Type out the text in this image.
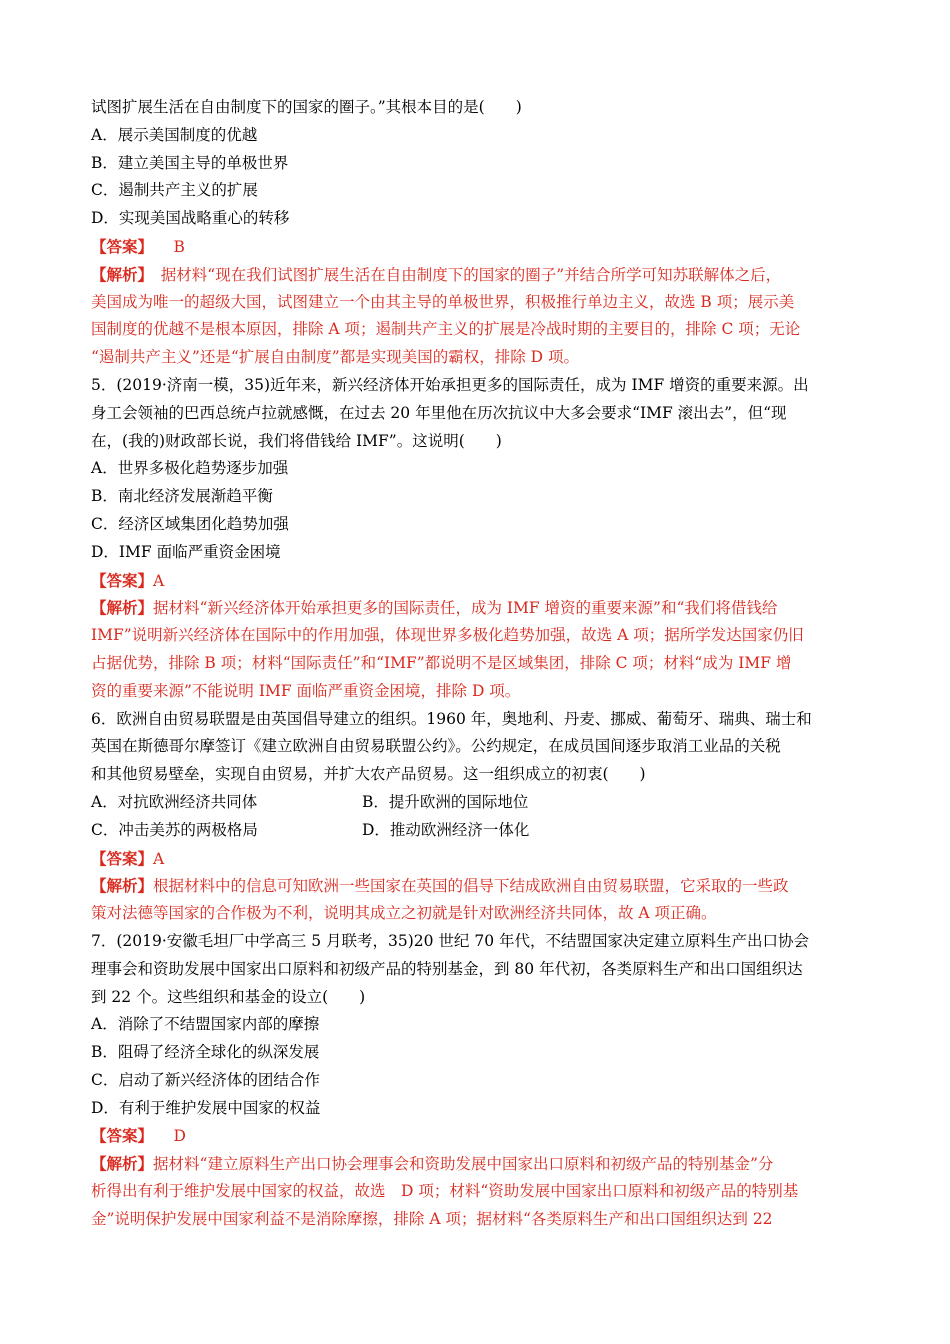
试图扩展生活在自由制度下的国家的圈子。”其根本目的是(　　)
A．展示美国制度的优越
B．建立美国主导的单极世界
C．遏制共产主义的扩展
D．实现美国战略重心的转移
【答案】 　B
【解析】　据材料“现在我们试图扩展生活在自由制度下的国家的圈子”并结合所学可知苏联解体之后，
美国成为唯一的超级大国，试图建立一个由其主导的单极世界，积极推行单边主义，故选 B 项；展示美
国制度的优越不是根本原因，排除 A 项；遏制共产主义的扩展是冷战时期的主要目的，排除 C 项；无论
“遏制共产主义”还是“扩展自由制度”都是实现美国的霸权，排除 D 项。
5．(2019·济南一模，35)近年来，新兴经济体开始承担更多的国际责任，成为 IMF 增资的重要来源。出
身工会领袖的巴西总统卢拉就感慨，在过去 20 年里他在历次抗议中大多会要求“IMF 滚出去”，但“现
在，(我的)财政部长说，我们将借钱给 IMF”。这说明(　　)
A．世界多极化趋势逐步加强
B．南北经济发展渐趋平衡
C．经济区域集团化趋势加强
D．IMF 面临严重资金困境
【答案】A
【解析】据材料“新兴经济体开始承担更多的国际责任，成为 IMF 增资的重要来源”和“我们将借钱给
IMF”说明新兴经济体在国际中的作用加强，体现世界多极化趋势加强，故选 A 项；据所学发达国家仍旧
占据优势，排除 B 项；材料“国际责任”和“IMF”都说明不是区域集团，排除 C 项；材料“成为 IMF 增
资的重要来源”不能说明 IMF 面临严重资金困境，排除 D 项。
6．欧洲自由贸易联盟是由英国倡导建立的组织。1960 年，奥地利、丹麦、挪威、葡萄牙、瑞典、瑞士和
英国在斯德哥尔摩签订《建立欧洲自由贸易联盟公约》。公约规定，在成员国间逐步取消工业品的关税
和其他贸易壁垒，实现自由贸易，并扩大农产品贸易。这一组织成立的初衷(　　)
A．对抗欧洲经济共同体	B．提升欧洲的国际地位
C．冲击美苏的两极格局	D．推动欧洲经济一体化
【答案】A
【解析】根据材料中的信息可知欧洲一些国家在英国的倡导下结成欧洲自由贸易联盟，它采取的一些政
策对法德等国家的合作极为不利，说明其成立之初就是针对欧洲经济共同体，故 A 项正确。
7．(2019·安徽毛坦厂中学高三 5 月联考，35)20 世纪 70 年代，不结盟国家决定建立原料生产出口协会
理事会和资助发展中国家出口原料和初级产品的特别基金，到 80 年代初，各类原料生产和出口国组织达
到 22 个。这些组织和基金的设立(　　)
A．消除了不结盟国家内部的摩擦
B．阻碍了经济全球化的纵深发展
C．启动了新兴经济体的团结合作
D．有利于维护发展中国家的权益
【答案】 　D
【解析】据材料“建立原料生产出口协会理事会和资助发展中国家出口原料和初级产品的特别基金”分
析得出有利于维护发展中国家的权益，故选　D 项；材料“资助发展中国家出口原料和初级产品的特别基
金”说明保护发展中国家利益不是消除摩擦，排除 A 项；据材料“各类原料生产和出口国组织达到 22
